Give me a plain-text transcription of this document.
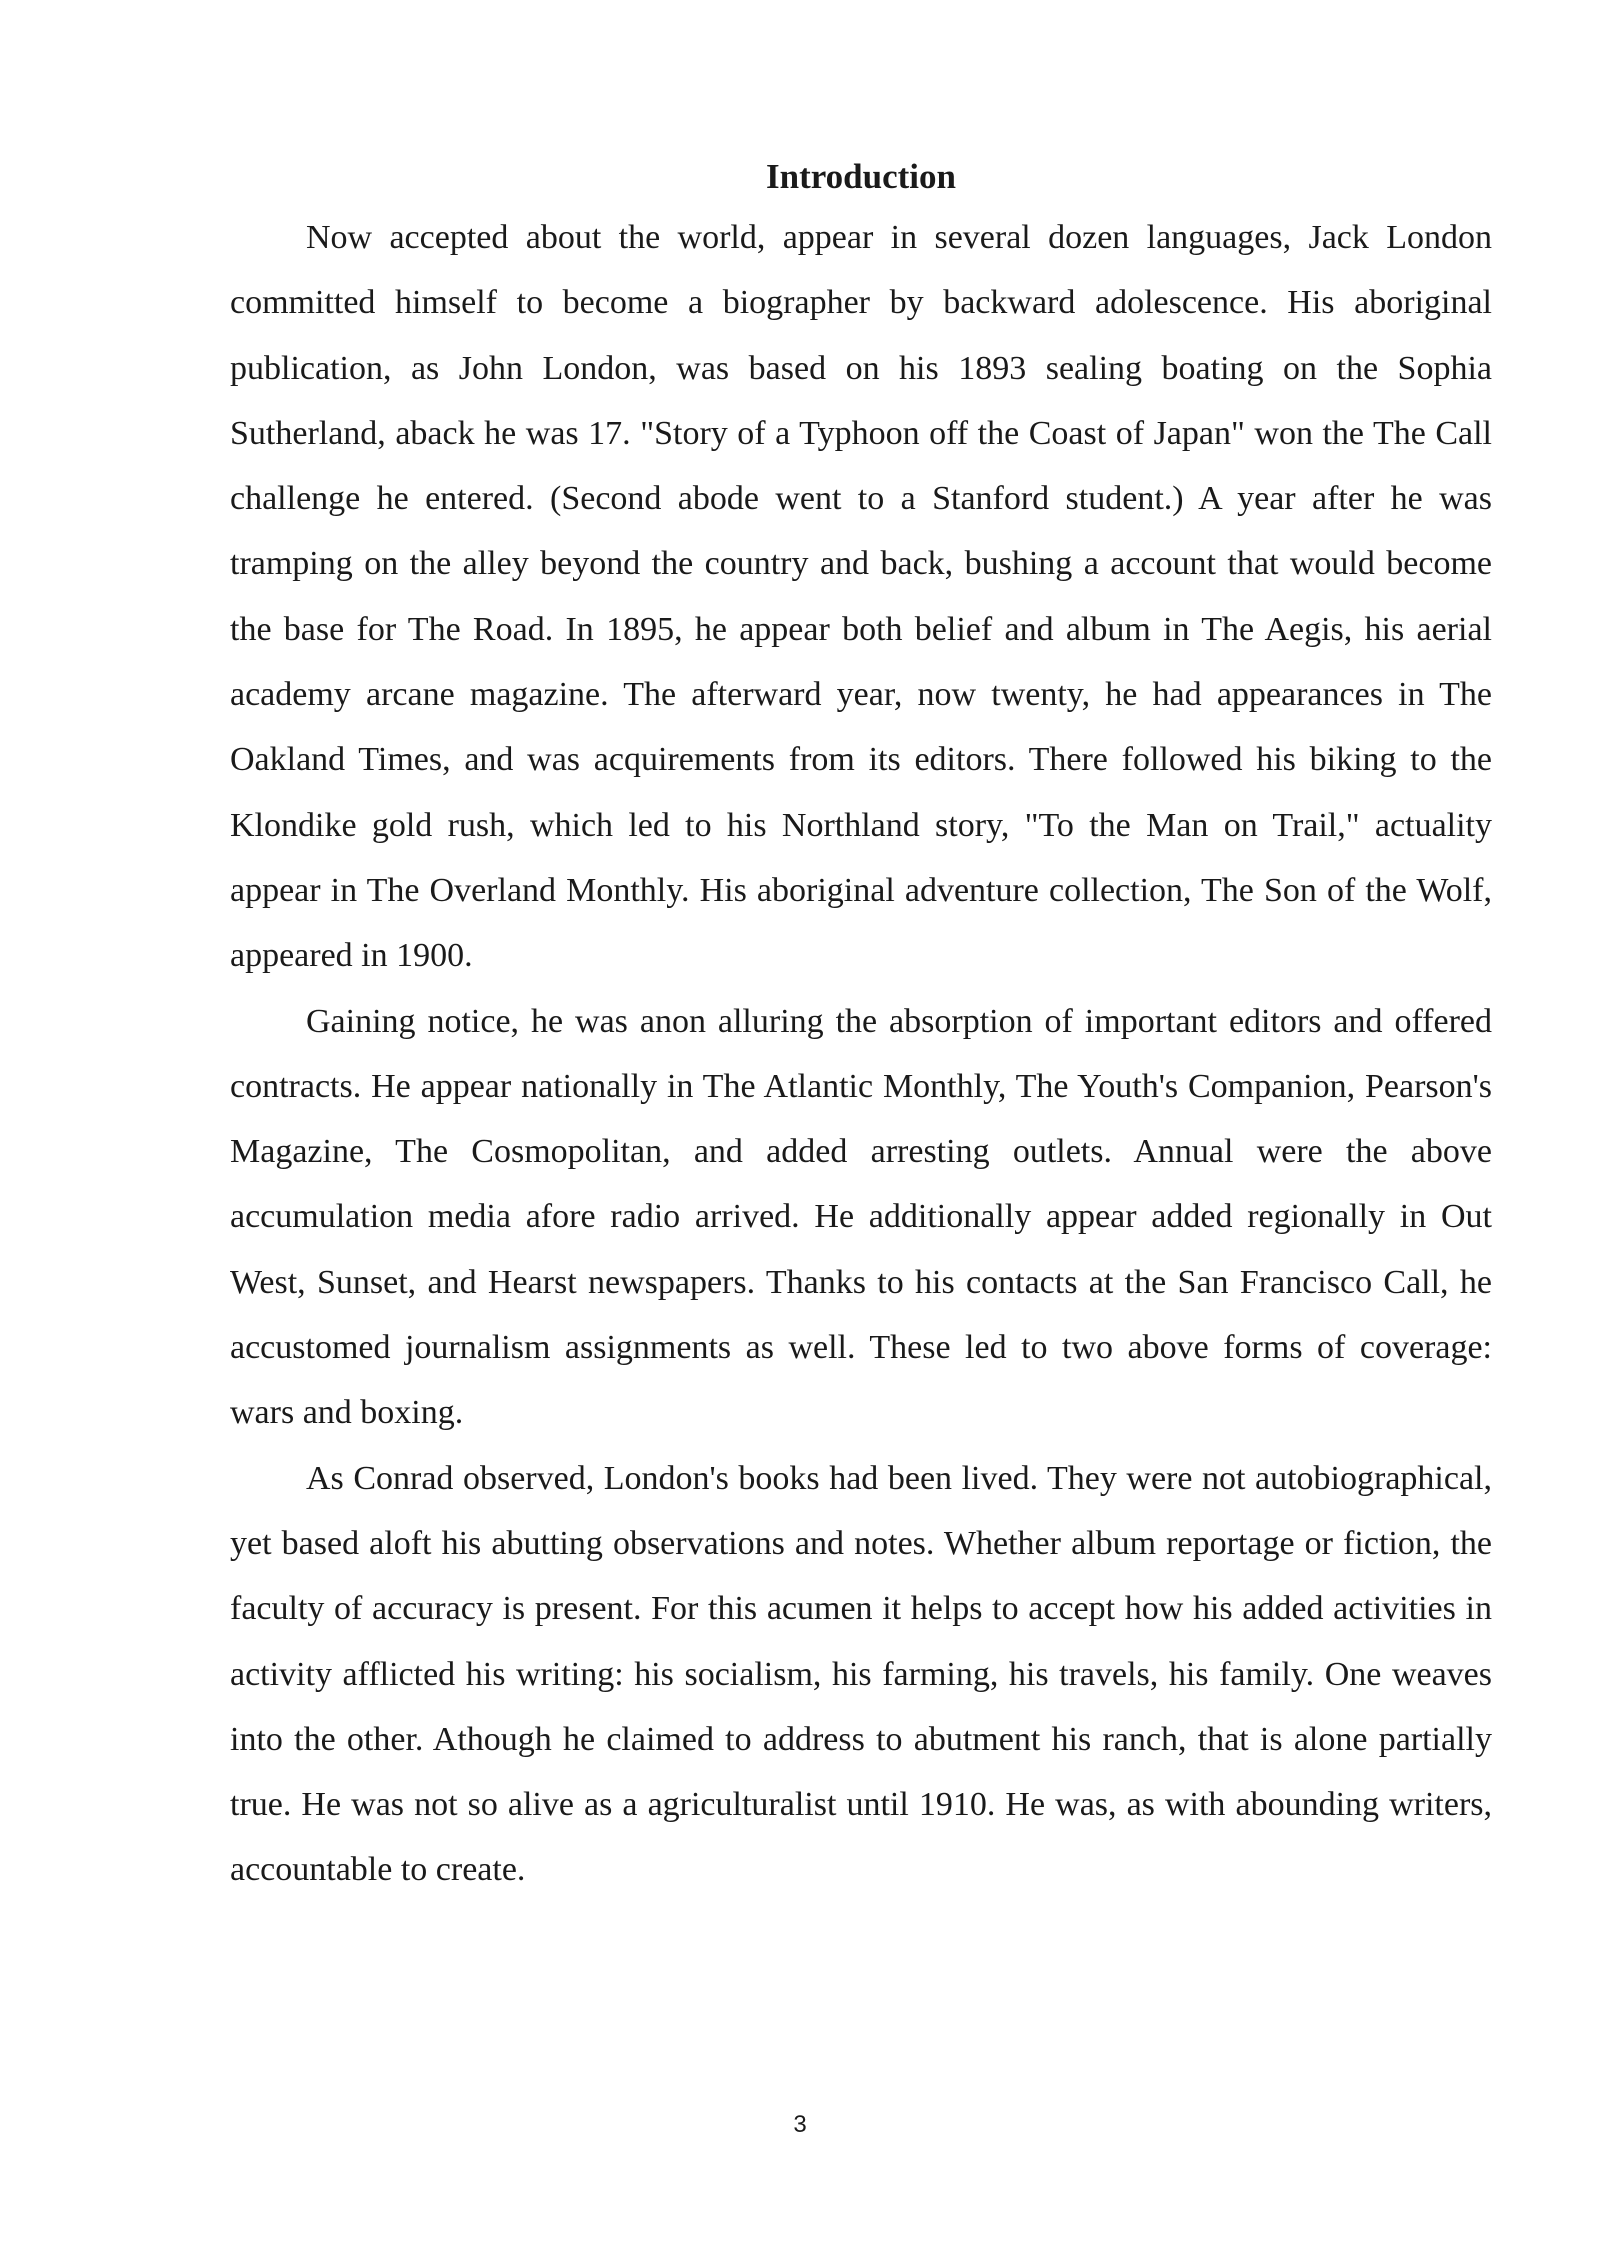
Introduction

Now accepted about the world, appear in several dozen languages, Jack London committed himself to become a biographer by backward adolescence. His aboriginal publication, as John London, was based on his 1893 sealing boating on the Sophia Sutherland, aback he was 17. "Story of a Typhoon off the Coast of Japan" won the The Call challenge he entered. (Second abode went to a Stanford student.) A year after he was tramping on the alley beyond the country and back, bushing a account that would become the base for The Road. In 1895, he appear both belief and album in The Aegis, his aerial academy arcane magazine. The afterward year, now twenty, he had appearances in The Oakland Times, and was acquirements from its editors. There followed his biking to the Klondike gold rush, which led to his Northland story, "To the Man on Trail," actuality appear in The Overland Monthly. His aboriginal adventure collection, The Son of the Wolf, appeared in 1900.

Gaining notice, he was anon alluring the absorption of important editors and offered contracts. He appear nationally in The Atlantic Monthly, The Youth's Companion, Pearson's Magazine, The Cosmopolitan, and added arresting outlets. Annual were the above accumulation media afore radio arrived. He additionally appear added regionally in Out West, Sunset, and Hearst newspapers. Thanks to his contacts at the San Francisco Call, he accustomed journalism assignments as well. These led to two above forms of coverage: wars and boxing.

As Conrad observed, London's books had been lived. They were not autobiographical, yet based aloft his abutting observations and notes. Whether album reportage or fiction, the faculty of accuracy is present. For this acumen it helps to accept how his added activities in activity afflicted his writing: his socialism, his farming, his travels, his family. One weaves into the other. Athough he claimed to address to abutment his ranch, that is alone partially true. He was not so alive as a agriculturalist until 1910. He was, as with abounding writers, accountable to create.

3
